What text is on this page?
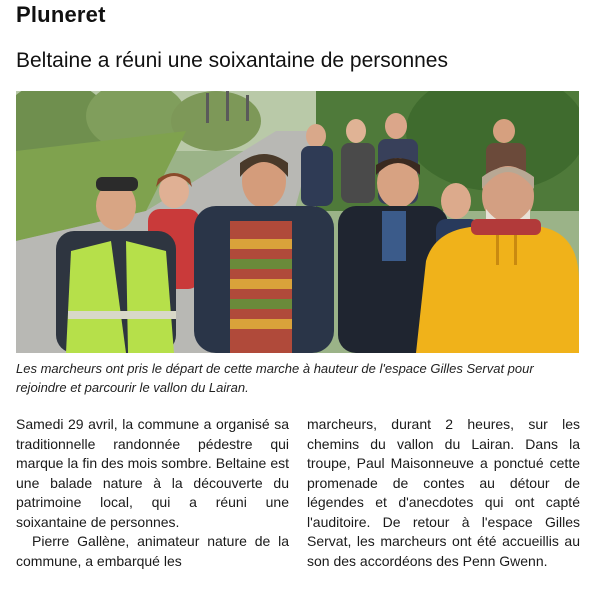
Pluneret
Beltaine a réuni une soixantaine de personnes
Les marcheurs ont pris le départ de cette marche à hauteur de l'espace Gilles Servat pour rejoindre et parcourir le vallon du Lairan.

Samedi 29 avril, la commune a organisé sa traditionnelle randonnée pédestre qui marque la fin des mois sombre. Beltaine est une balade nature à la découverte du patrimoine local, qui a réuni une soixantaine de personnes.

Pierre Gallène, animateur nature de la commune, a embarqué les

marcheurs, durant 2 heures, sur les chemins du vallon du Lairan. Dans la troupe, Paul Maisonneuve a ponctué cette promenade de contes au détour de légendes et d'anecdotes qui ont capté l'auditoire. De retour à l'espace Gilles Servat, les marcheurs ont été accueillis au son des accordéons des Penn Gwenn.
